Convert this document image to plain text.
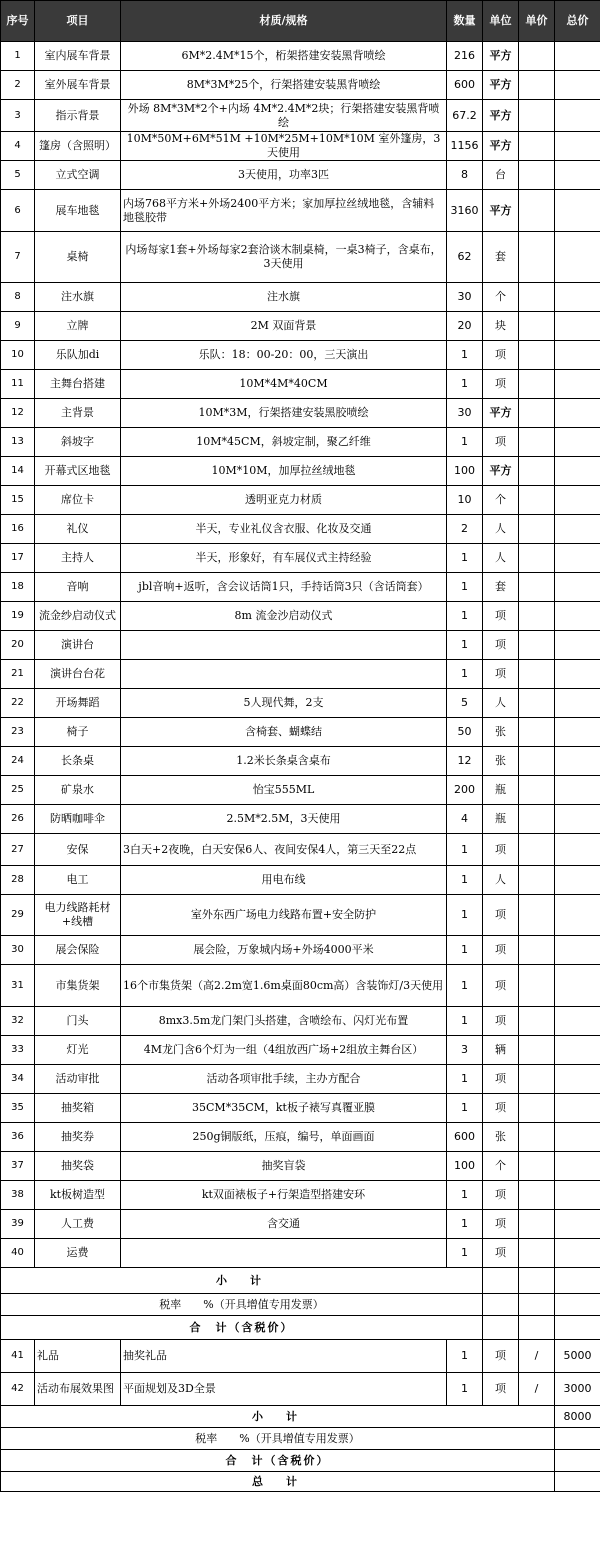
序号	项目	材质/规格	数量	单位	单价	总价
1	室内展车背景	6M*2.4M*15个，桁架搭建安装黑背喷绘	216	平方		
2	室外展车背景	8M*3M*25个，行架搭建安装黑背喷绘	600	平方		
3	指示背景	外场 8M*3M*2个+内场 4M*2.4M*2块；行架搭建安装黑背喷绘	67.2	平方		
4	篷房（含照明）	10M*50M+6M*51M +10M*25M+10M*10M 室外篷房，3天使用	1156	平方		
5	立式空调	3天使用，功率3匹	8	台		
6	展车地毯	内场768平方米+外场2400平方米；家加厚拉丝绒地毯，含辅料地毯胶带	3160	平方		
7	桌椅	内场每家1套+外场每家2套洽谈木制桌椅，一桌3椅子，含桌布，3天使用	62	套		
8	注水旗	注水旗	30	个		
9	立牌	2M 双面背景	20	块		
10	乐队加di	乐队：18：00-20：00，三天演出	1	项		
11	主舞台搭建	10M*4M*40CM	1	项		
12	主背景	10M*3M，行架搭建安装黑胶喷绘	30	平方		
13	斜坡字	10M*45CM，斜坡定制，聚乙纤维	1	项		
14	开幕式区地毯	10M*10M，加厚拉丝绒地毯	100	平方		
15	席位卡	透明亚克力材质	10	个		
16	礼仪	半天，专业礼仪含衣服、化妆及交通	2	人		
17	主持人	半天，形象好，有车展仪式主持经验	1	人		
18	音响	jbl音响+返听，含会议话筒1只，手持话筒3只（含话筒套）	1	套		
19	流金纱启动仪式	8m 流金沙启动仪式	1	项		
20	演讲台		1	项		
21	演讲台台花		1	项		
22	开场舞蹈	5人现代舞，2支	5	人		
23	椅子	含椅套、蝴蝶结	50	张		
24	长条桌	1.2米长条桌含桌布	12	张		
25	矿泉水	怡宝555ML	200	瓶		
26	防晒咖啡伞	2.5M*2.5M，3天使用	4	瓶		
27	安保	3白天+2夜晚，白天安保6人、夜间安保4人，第三天至22点	1	项		
28	电工	用电布线	1	人		
29	电力线路耗材+线槽	室外东西广场电力线路布置+安全防护	1	项		
30	展会保险	展会险，万象城内场+外场4000平米	1	项		
31	市集货架	16个市集货架（高2.2m宽1.6m桌面80cm高）含装饰灯/3天使用	1	项		
32	门头	8mx3.5m龙门架门头搭建，含喷绘布、闪灯光布置	1	项		
33	灯光	4M龙门含6个灯为一组（4组放西广场+2组放主舞台区）	3	辆		
34	活动审批	活动各项审批手续，主办方配合	1	项		
35	抽奖箱	35CM*35CM，kt板子裱写真覆亚膜	1	项		
36	抽奖券	250g铜版纸，压痕，编号，单面画面	600	张		
37	抽奖袋	抽奖盲袋	100	个		
38	kt板树造型	kt双面裱板子+行架造型搭建安环	1	项		
39	人工费	含交通	1	项		
40	运费		1	项		
小　计						
税率　　%（开具增值专用发票）						
合　计（含税价）						
41	礼品	抽奖礼品	1	项	/	5000
42	活动布展效果图	平面规划及3D全景	1	项	/	3000
小　计						8000
税率　　%（开具增值专用发票）						
合　计（含税价）						
总　计						
